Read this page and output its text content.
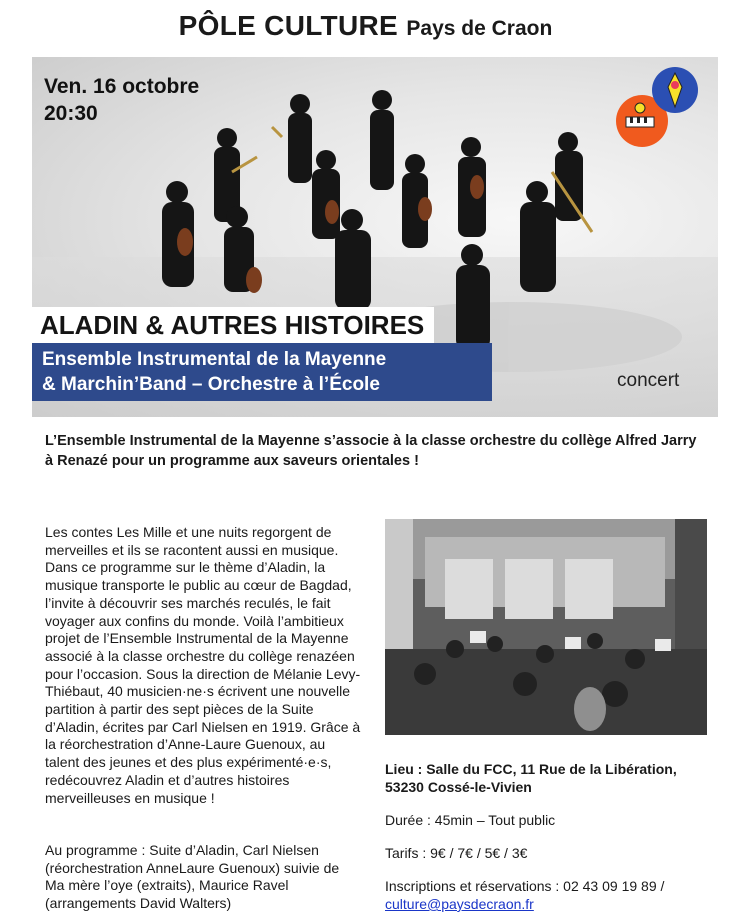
PÔLE CULTURE Pays de Craon
Ven. 16 octobre
20:30
ALADIN & AUTRES HISTOIRES
Ensemble Instrumental de la Mayenne
& Marchin’Band – Orchestre à l’École	concert
L’Ensemble Instrumental de la Mayenne s’associe à la classe orchestre du collège Alfred Jarry à Renazé pour un programme aux saveurs orientales !
Les contes Les Mille et une nuits regorgent de merveilles et ils se racontent aussi en musique. Dans ce programme sur le thème d’Aladin, la musique transporte le public au cœur de Bagdad, l’invite à découvrir ses marchés reculés, le fait voyager aux confins du monde. Voilà l’ambitieux projet de l’Ensemble Instrumental de la Mayenne associé à la classe orchestre du collège renazéen pour l’occasion. Sous la direction de Mélanie Levy-Thiébaut, 40 musicien·ne·s écrivent une nouvelle partition à partir des sept pièces de la Suite d’Aladin, écrites par Carl Nielsen en 1919. Grâce à la réorchestration d’Anne-Laure Guenoux, au talent des jeunes et des plus expérimenté·e·s, redécouvrez Aladin et d’autres histoires merveilleuses en musique !
Au programme : Suite d’Aladin, Carl Nielsen (réorchestration AnneLaure Guenoux) suivie de Ma mère l’oye (extraits), Maurice Ravel (arrangements David Walters)
Lieu : Salle du FCC, 11 Rue de la Libération,
53230 Cossé-le-Vivien
Durée : 45min – Tout public
Tarifs : 9€ / 7€ / 5€ / 3€
Inscriptions et réservations : 02 43 09 19 89 /
culture@paysdecraon.fr
